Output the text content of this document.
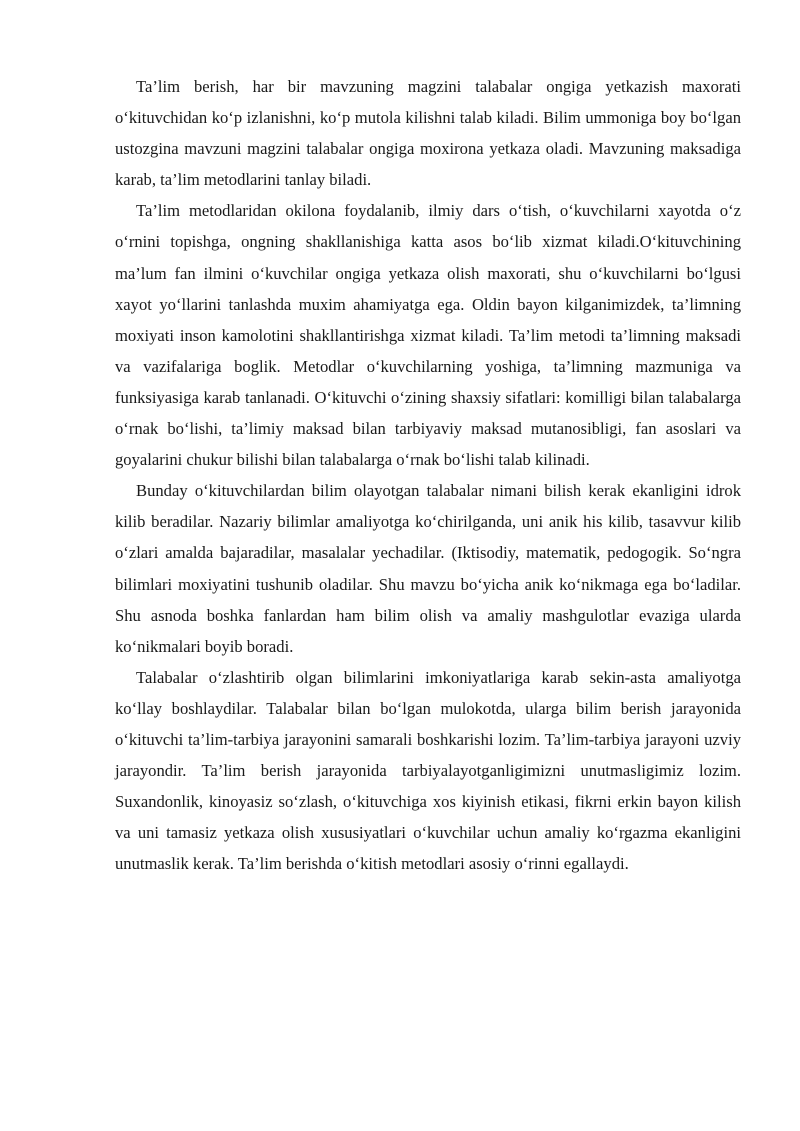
Ta’lim berish, har bir mavzuning magzini talabalar ongiga yetkazish maxorati o‘kituvchidan ko‘p izlanishni, ko‘p mutola kilishni talab kiladi. Bilim ummoniga boy bo‘lgan ustozgina mavzuni magzini talabalar ongiga moxirona yetkaza oladi. Mavzuning maksadiga karab, ta’lim metodlarini tanlay biladi.

Ta’lim metodlaridan okilona foydalanib, ilmiy dars o‘tish, o‘kuvchilarni xayotda o‘z o‘rnini topishga, ongning shakllanishiga katta asos bo‘lib xizmat kiladi.O‘kituvchining ma’lum fan ilmini o‘kuvchilar ongiga yetkaza olish maxorati, shu o‘kuvchilarni bo‘lgusi xayot yo‘llarini tanlashda muxim ahamiyatga ega. Oldin bayon kilganimizdek, ta’limning moxiyati inson kamolotini shakllantirishga xizmat kiladi. Ta’lim metodi ta’limning maksadi va vazifalariga boglik. Metodlar o‘kuvchilarning yoshiga, ta’limning mazmuniga va funksiyasiga karab tanlanadi. O‘kituvchi o‘zining shaxsiy sifatlari: komilligi bilan talabalarga o‘rnak bo‘lishi, ta’limiy maksad bilan tarbiyaviy maksad mutanosibligi, fan asoslari va goyalarini chukur bilishi bilan talabalarga o‘rnak bo‘lishi talab kilinadi.

Bunday o‘kituvchilardan bilim olayotgan talabalar nimani bilish kerak ekanligini idrok kilib beradilar. Nazariy bilimlar amaliyotga ko‘chirilganda, uni anik his kilib, tasavvur kilib o‘zlari amalda bajaradilar, masalalar yechadilar. (Iktisodiy, matematik, pedogogik. So‘ngra bilimlari moxiyatini tushunib oladilar. Shu mavzu bo‘yicha anik ko‘nikmaga ega bo‘ladilar. Shu asnoda boshka fanlardan ham bilim olish va amaliy mashgulotlar evaziga ularda ko‘nikmalari boyib boradi.

Talabalar o‘zlashtirib olgan bilimlarini imkoniyatlariga karab sekin-asta amaliyotga ko‘llay boshlaydilar. Talabalar bilan bo‘lgan mulokotda, ularga bilim berish jarayonida o‘kituvchi ta’lim-tarbiya jarayonini samarali boshkarishi lozim. Ta’lim-tarbiya jarayoni uzviy jarayondir. Ta’lim berish jarayonida tarbiyalayotganligimizni unutmasligimiz lozim. Suxandonlik, kinoyasiz so‘zlash, o‘kituvchiga xos kiyinish etikasi, fikrni erkin bayon kilish va uni tamasiz yetkaza olish xususiyatlari o‘kuvchilar uchun amaliy ko‘rgazma ekanligini unutmaslik kerak. Ta’lim berishda o‘kitish metodlari asosiy o‘rinni egallaydi.
